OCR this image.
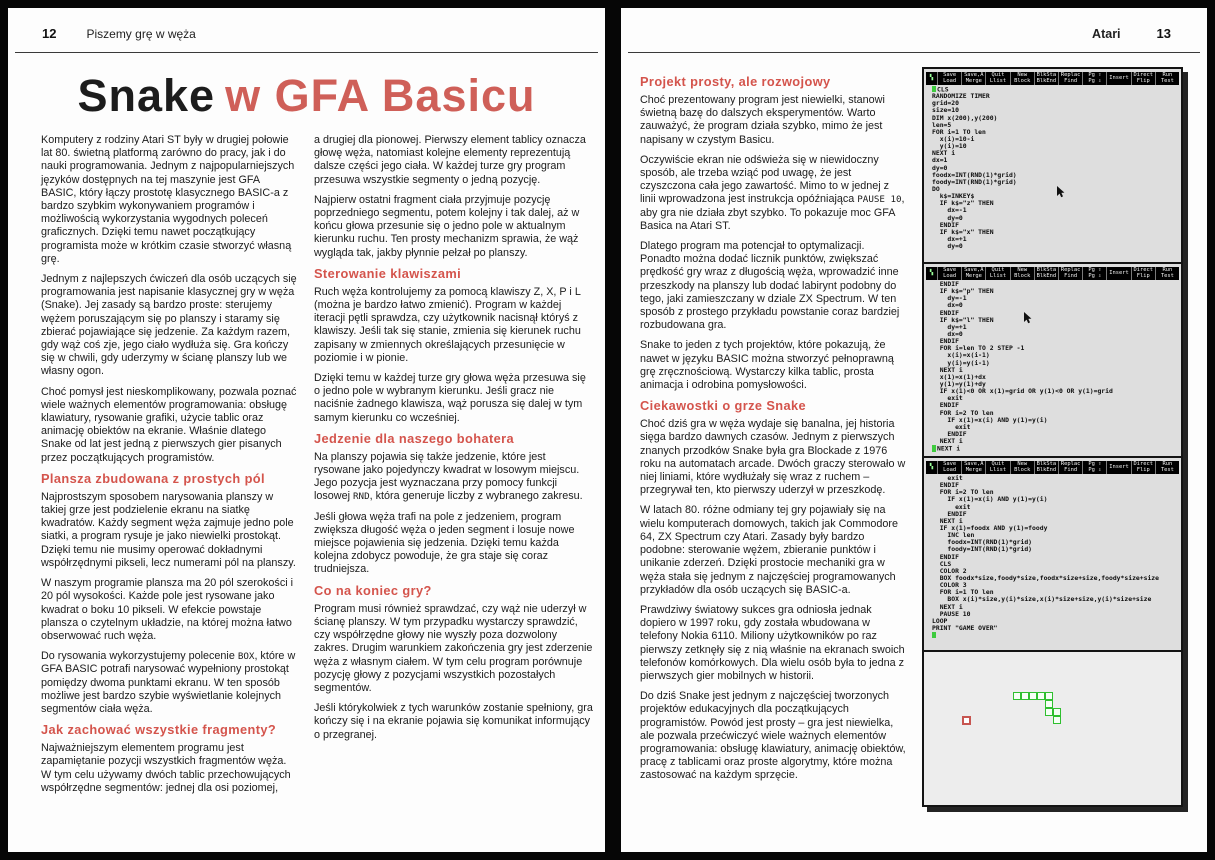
12	Piszemy grę w węża
Snake w GFA Basicu

Komputery z rodziny Atari ST były w drugiej połowie lat 80. świetną platformą zarówno do pracy, jak i do nauki programowania. Jednym z najpopularniejszych języków dostępnych na tej maszynie jest GFA BASIC, który łączy prostotę klasycznego BASIC-a z bardzo szybkim wykonywaniem programów i możliwością wykorzystania wygodnych poleceń graficznych. Dzięki temu nawet początkujący programista może w krótkim czasie stworzyć własną grę.

Jednym z najlepszych ćwiczeń dla osób uczących się programowania jest napisanie klasycznej gry w węża (Snake). Jej zasady są bardzo proste: sterujemy wężem poruszającym się po planszy i staramy się zbierać pojawiające się jedzenie. Za każdym razem, gdy wąż coś zje, jego ciało wydłuża się. Gra kończy się w chwili, gdy uderzymy w ścianę planszy lub we własny ogon.

Choć pomysł jest nieskomplikowany, pozwala poznać wiele ważnych elementów programowania: obsługę klawiatury, rysowanie grafiki, użycie tablic oraz animację obiektów na ekranie. Właśnie dlatego Snake od lat jest jedną z pierwszych gier pisanych przez początkujących programistów.

Plansza zbudowana z prostych pól

Najprostszym sposobem narysowania planszy w takiej grze jest podzielenie ekranu na siatkę kwadratów. Każdy segment węża zajmuje jedno pole siatki, a program rysuje je jako niewielki prostokąt. Dzięki temu nie musimy operować dokładnymi współrzędnymi pikseli, lecz numerami pól na planszy.

W naszym programie plansza ma 20 pól szerokości i 20 pól wysokości. Każde pole jest rysowane jako kwadrat o boku 10 pikseli. W efekcie powstaje plansza o czytelnym układzie, na której można łatwo obserwować ruch węża.

Do rysowania wykorzystujemy polecenie BOX, które w GFA BASIC potrafi narysować wypełniony prostokąt pomiędzy dwoma punktami ekranu. W ten sposób możliwe jest bardzo szybie wyświetlanie kolejnych segmentów ciała węża.

Jak zachować wszystkie fragmenty?

Najważniejszym elementem programu jest zapamiętanie pozycji wszystkich fragmentów węża. W tym celu używamy dwóch tablic przechowujących współrzędne segmentów: jednej dla osi poziomej,

a drugiej dla pionowej. Pierwszy element tablicy oznacza głowę węża, natomiast kolejne elementy reprezentują dalsze części jego ciała. W każdej turze gry program przesuwa wszystkie segmenty o jedną pozycję.

Najpierw ostatni fragment ciała przyjmuje pozycję poprzedniego segmentu, potem kolejny i tak dalej, aż w końcu głowa przesunie się o jedno pole w aktualnym kierunku ruchu. Ten prosty mechanizm sprawia, że wąż wygląda tak, jakby płynnie pełzał po planszy.

Sterowanie klawiszami

Ruch węża kontrolujemy za pomocą klawiszy Z, X, P i L (można je bardzo łatwo zmienić). Program w każdej iteracji pętli sprawdza, czy użytkownik nacisnął któryś z klawiszy. Jeśli tak się stanie, zmienia się kierunek ruchu zapisany w zmiennych określających przesunięcie w poziomie i w pionie.

Dzięki temu w każdej turze gry głowa węża przesuwa się o jedno pole w wybranym kierunku. Jeśli gracz nie naciśnie żadnego klawisza, wąż porusza się dalej w tym samym kierunku co wcześniej.

Jedzenie dla naszego bohatera

Na planszy pojawia się także jedzenie, które jest rysowane jako pojedynczy kwadrat w losowym miejscu. Jego pozycja jest wyznaczana przy pomocy funkcji losowej RND, która generuje liczby z wybranego zakresu.

Jeśli głowa węża trafi na pole z jedzeniem, program zwiększa długość węża o jeden segment i losuje nowe miejsce pojawienia się jedzenia. Dzięki temu każda kolejna zdobycz powoduje, że gra staje się coraz trudniejsza.

Co na koniec gry?

Program musi również sprawdzać, czy wąż nie uderzył w ścianę planszy. W tym przypadku wystarczy sprawdzić, czy współrzędne głowy nie wyszły poza dozwolony zakres. Drugim warunkiem zakończenia gry jest zderzenie węża z własnym ciałem. W tym celu program porównuje pozycję głowy z pozycjami wszystkich pozostałych segmentów.

Jeśli którykolwiek z tych warunków zostanie spełniony, gra kończy się i na ekranie pojawia się komunikat informujący o przegranej.

Atari	13
Projekt prosty, ale rozwojowy

Choć prezentowany program jest niewielki, stanowi świetną bazę do dalszych eksperymentów. Warto zauważyć, że program działa szybko, mimo że jest napisany w czystym Basicu.

Oczywiście ekran nie odświeża się w niewidoczny sposób, ale trzeba wziąć pod uwagę, że jest czyszczona cała jego zawartość. Mimo to w jednej z linii wprowadzona jest instrukcja opóźniająca PAUSE 10, aby gra nie działa zbyt szybko. To pokazuje moc GFA Basica na Atari ST.

Dlatego program ma potencjał to optymalizacji. Ponadto można dodać licznik punktów, zwiększać prędkość gry wraz z długością węża, wprowadzić inne przeszkody na planszy lub dodać labirynt podobny do tego, jaki zamieszczany w dziale ZX Spectrum. W ten sposób z prostego przykładu powstanie coraz bardziej rozbudowana gra.

Snake to jeden z tych projektów, które pokazują, że nawet w języku BASIC można stworzyć pełnoprawną grę zręcznościową. Wystarczy kilka tablic, prosta animacja i odrobina pomysłowości.

Ciekawostki o grze Snake

Choć dziś gra w węża wydaje się banalna, jej historia sięga bardzo dawnych czasów. Jednym z pierwszych znanych przodków Snake była gra Blockade z 1976 roku na automatach arcade. Dwóch graczy sterowało w niej liniami, które wydłużały się wraz z ruchem – przegrywał ten, kto pierwszy uderzył w przeszkodę.

W latach 80. różne odmiany tej gry pojawiały się na wielu komputerach domowych, takich jak Commodore 64, ZX Spectrum czy Atari. Zasady były bardzo podobne: sterowanie wężem, zbieranie punktów i unikanie zderzeń. Dzięki prostocie mechaniki gra w węża stała się jednym z najczęściej programowanych przykładów dla osób uczących się BASIC-a.

Prawdziwy światowy sukces gra odniosła jednak dopiero w 1997 roku, gdy została wbudowana w telefony Nokia 6110. Miliony użytkowników po raz pierwszy zetknęły się z nią właśnie na ekranach swoich telefonów komórkowych. Dla wielu osób była to jedna z pierwszych gier mobilnych w historii.

Do dziś Snake jest jednym z najczęściej tworzonych projektów edukacyjnych dla początkujących programistów. Powód jest prosty – gra jest niewielka, ale pozwala przećwiczyć wiele ważnych elementów programowania: obsługę klawiatury, animację obiektów, pracę z tablicami oraz proste algorytmy, które można zastosować na każdym sprzęcie.

▚ Save
Load
Save,A
Merge
Quit
Llist
New
Block
BlkSta
BlkEnd
Replac
Find
Pg ⇧
Pg ⇩ Insert Direct
Flip
Run
Test
CLS
RANDOMIZE TIMER
grid=20
size=10
DIM x(200),y(200)
len=5
FOR i=1 TO len
x(i)=10-i
y(i)=10
NEXT i
dx=1
dy=0
foodx=INT(RND(1)*grid)
foody=INT(RND(1)*grid)
DO
k$=INKEY$
IF k$="z" THEN
dx=-1
dy=0
ENDIF
IF k$="x" THEN
dx=+1
dy=0
▚ Save
Load
Save,A
Merge
Quit
Llist
New
Block
BlkSta
BlkEnd
Replac
Find
Pg ⇧
Pg ⇩ Insert Direct
Flip
Run
Test
ENDIF
IF k$="p" THEN
dy=-1
dx=0
ENDIF
IF k$="l" THEN
dy=+1
dx=0
ENDIF
FOR i=len TO 2 STEP -1
x(i)=x(i-1)
y(i)=y(i-1)
NEXT i
x(1)=x(1)+dx
y(1)=y(1)+dy
IF x(1)<0 OR x(1)=grid OR y(1)<0 OR y(1)=grid
exit
ENDIF
FOR i=2 TO len
IF x(1)=x(i) AND y(1)=y(i)
exit
ENDIF
NEXT i
NEXT i
▚ Save
Load
Save,A
Merge
Quit
Llist
New
Block
BlkSta
BlkEnd
Replac
Find
Pg ⇧
Pg ⇩ Insert Direct
Flip
Run
Test
exit
ENDIF
FOR i=2 TO len
IF x(1)=x(i) AND y(1)=y(i)
exit
ENDIF
NEXT i
IF x(1)=foodx AND y(1)=foody
INC len
foodx=INT(RND(1)*grid)
foody=INT(RND(1)*grid)
ENDIF
CLS
COLOR 2
BOX foodx*size,foody*size,foodx*size+size,foody*size+size
COLOR 3
FOR i=1 TO len
BOX x(i)*size,y(i)*size,x(i)*size+size,y(i)*size+size
NEXT i
PAUSE 10
LOOP
PRINT "GAME OVER"
